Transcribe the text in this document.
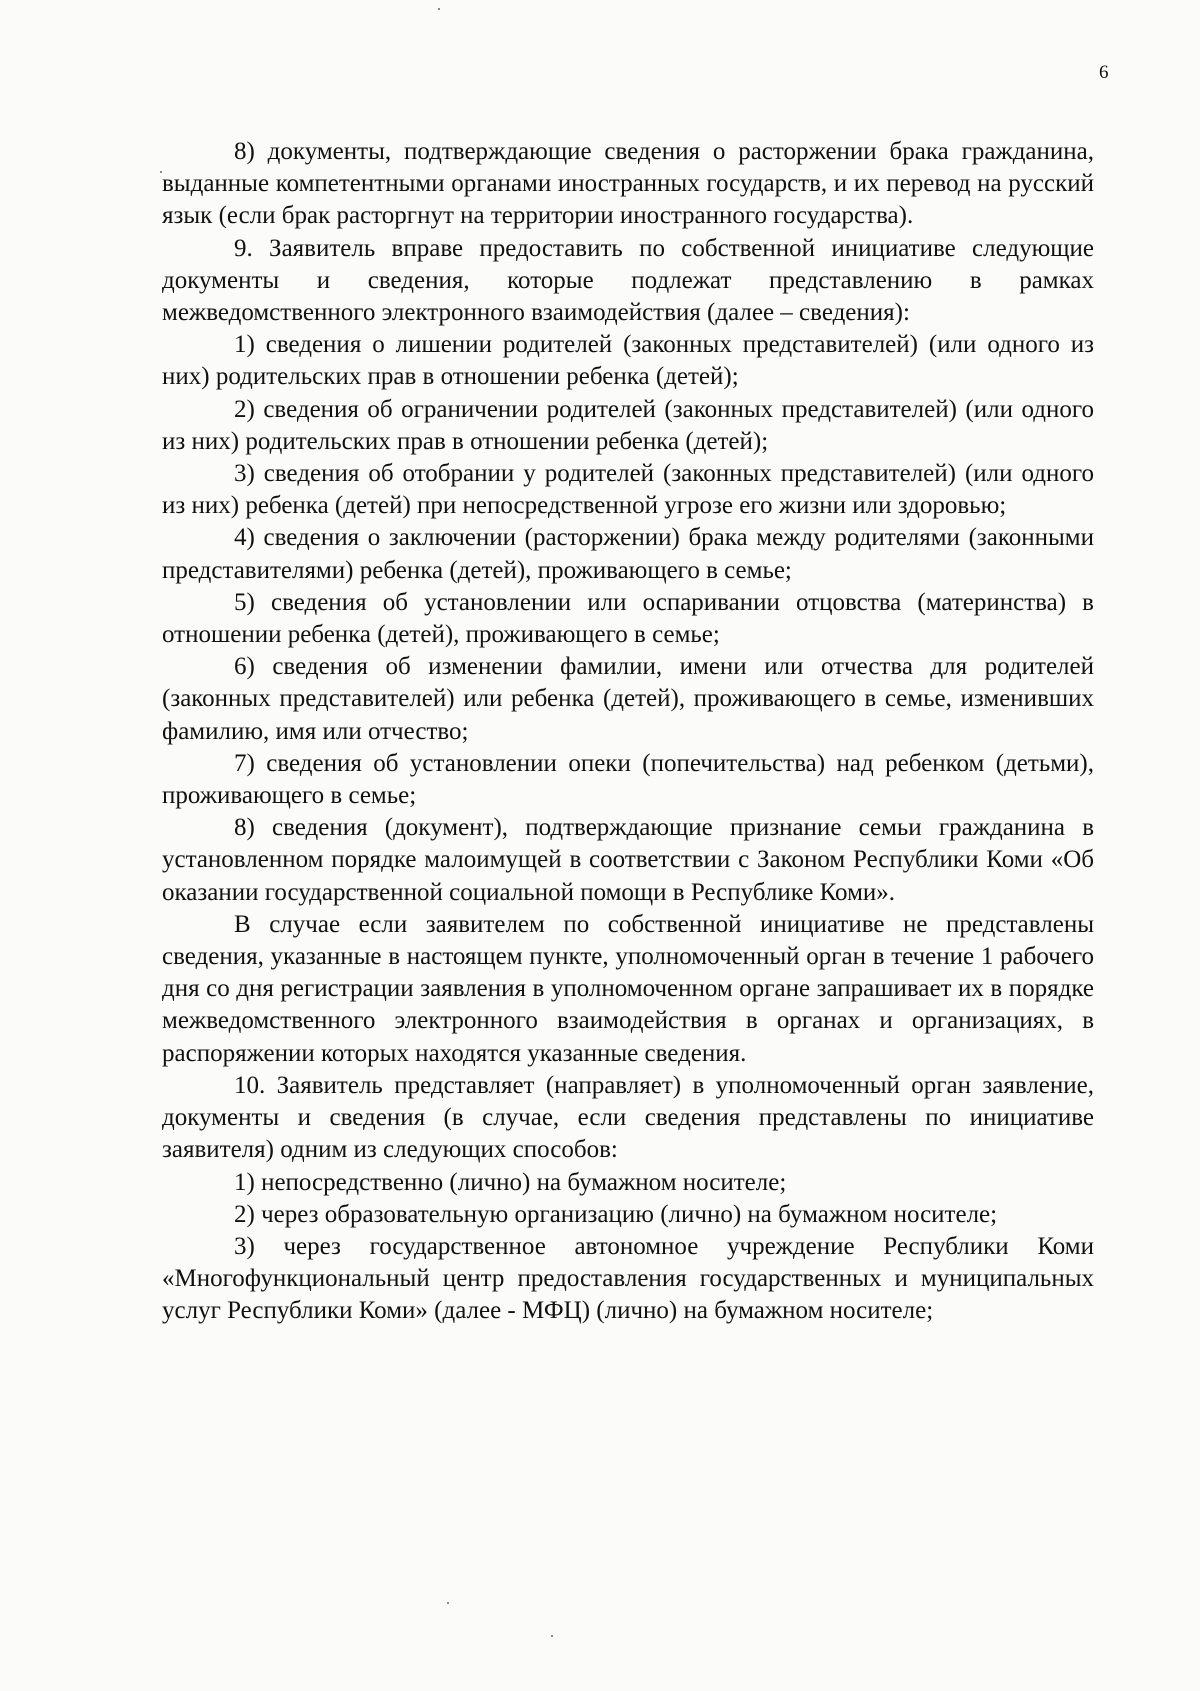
6

8) документы, подтверждающие сведения о расторжении брака гражданина, выданные компетентными органами иностранных государств, и их перевод на русский язык (если брак расторгнут на территории иностранного государства).

9. Заявитель вправе предоставить по собственной инициативе следующие документы и сведения, которые подлежат представлению в рамках межведомственного электронного взаимодействия (далее – сведения):

1) сведения о лишении родителей (законных представителей) (или одного из них) родительских прав в отношении ребенка (детей);

2) сведения об ограничении родителей (законных представителей) (или одного из них) родительских прав в отношении ребенка (детей);

3) сведения об отобрании у родителей (законных представителей) (или одного из них) ребенка (детей) при непосредственной угрозе его жизни или здоровью;

4) сведения о заключении (расторжении) брака между родителями (законными представителями) ребенка (детей), проживающего в семье;

5) сведения об установлении или оспаривании отцовства (материнства) в отношении ребенка (детей), проживающего в семье;

6) сведения об изменении фамилии, имени или отчества для родителей (законных представителей) или ребенка (детей), проживающего в семье, изменивших фамилию, имя или отчество;

7) сведения об установлении опеки (попечительства) над ребенком (детьми), проживающего в семье;

8) сведения (документ), подтверждающие признание семьи гражданина в установленном порядке малоимущей в соответствии с Законом Республики Коми «Об оказании государственной социальной помощи в Республике Коми».

В случае если заявителем по собственной инициативе не представлены сведения, указанные в настоящем пункте, уполномоченный орган в течение 1 рабочего дня со дня регистрации заявления в уполномоченном органе запрашивает их в порядке межведомственного электронного взаимодействия в органах и организациях, в распоряжении которых находятся указанные сведения.

10. Заявитель представляет (направляет) в уполномоченный орган заявление, документы и сведения (в случае, если сведения представлены по инициативе заявителя) одним из следующих способов:

1) непосредственно (лично) на бумажном носителе;

2) через образовательную организацию (лично) на бумажном носителе;

3) через государственное автономное учреждение Республики Коми «Многофункциональный центр предоставления государственных и муниципальных услуг Республики Коми» (далее - МФЦ) (лично) на бумажном носителе;
